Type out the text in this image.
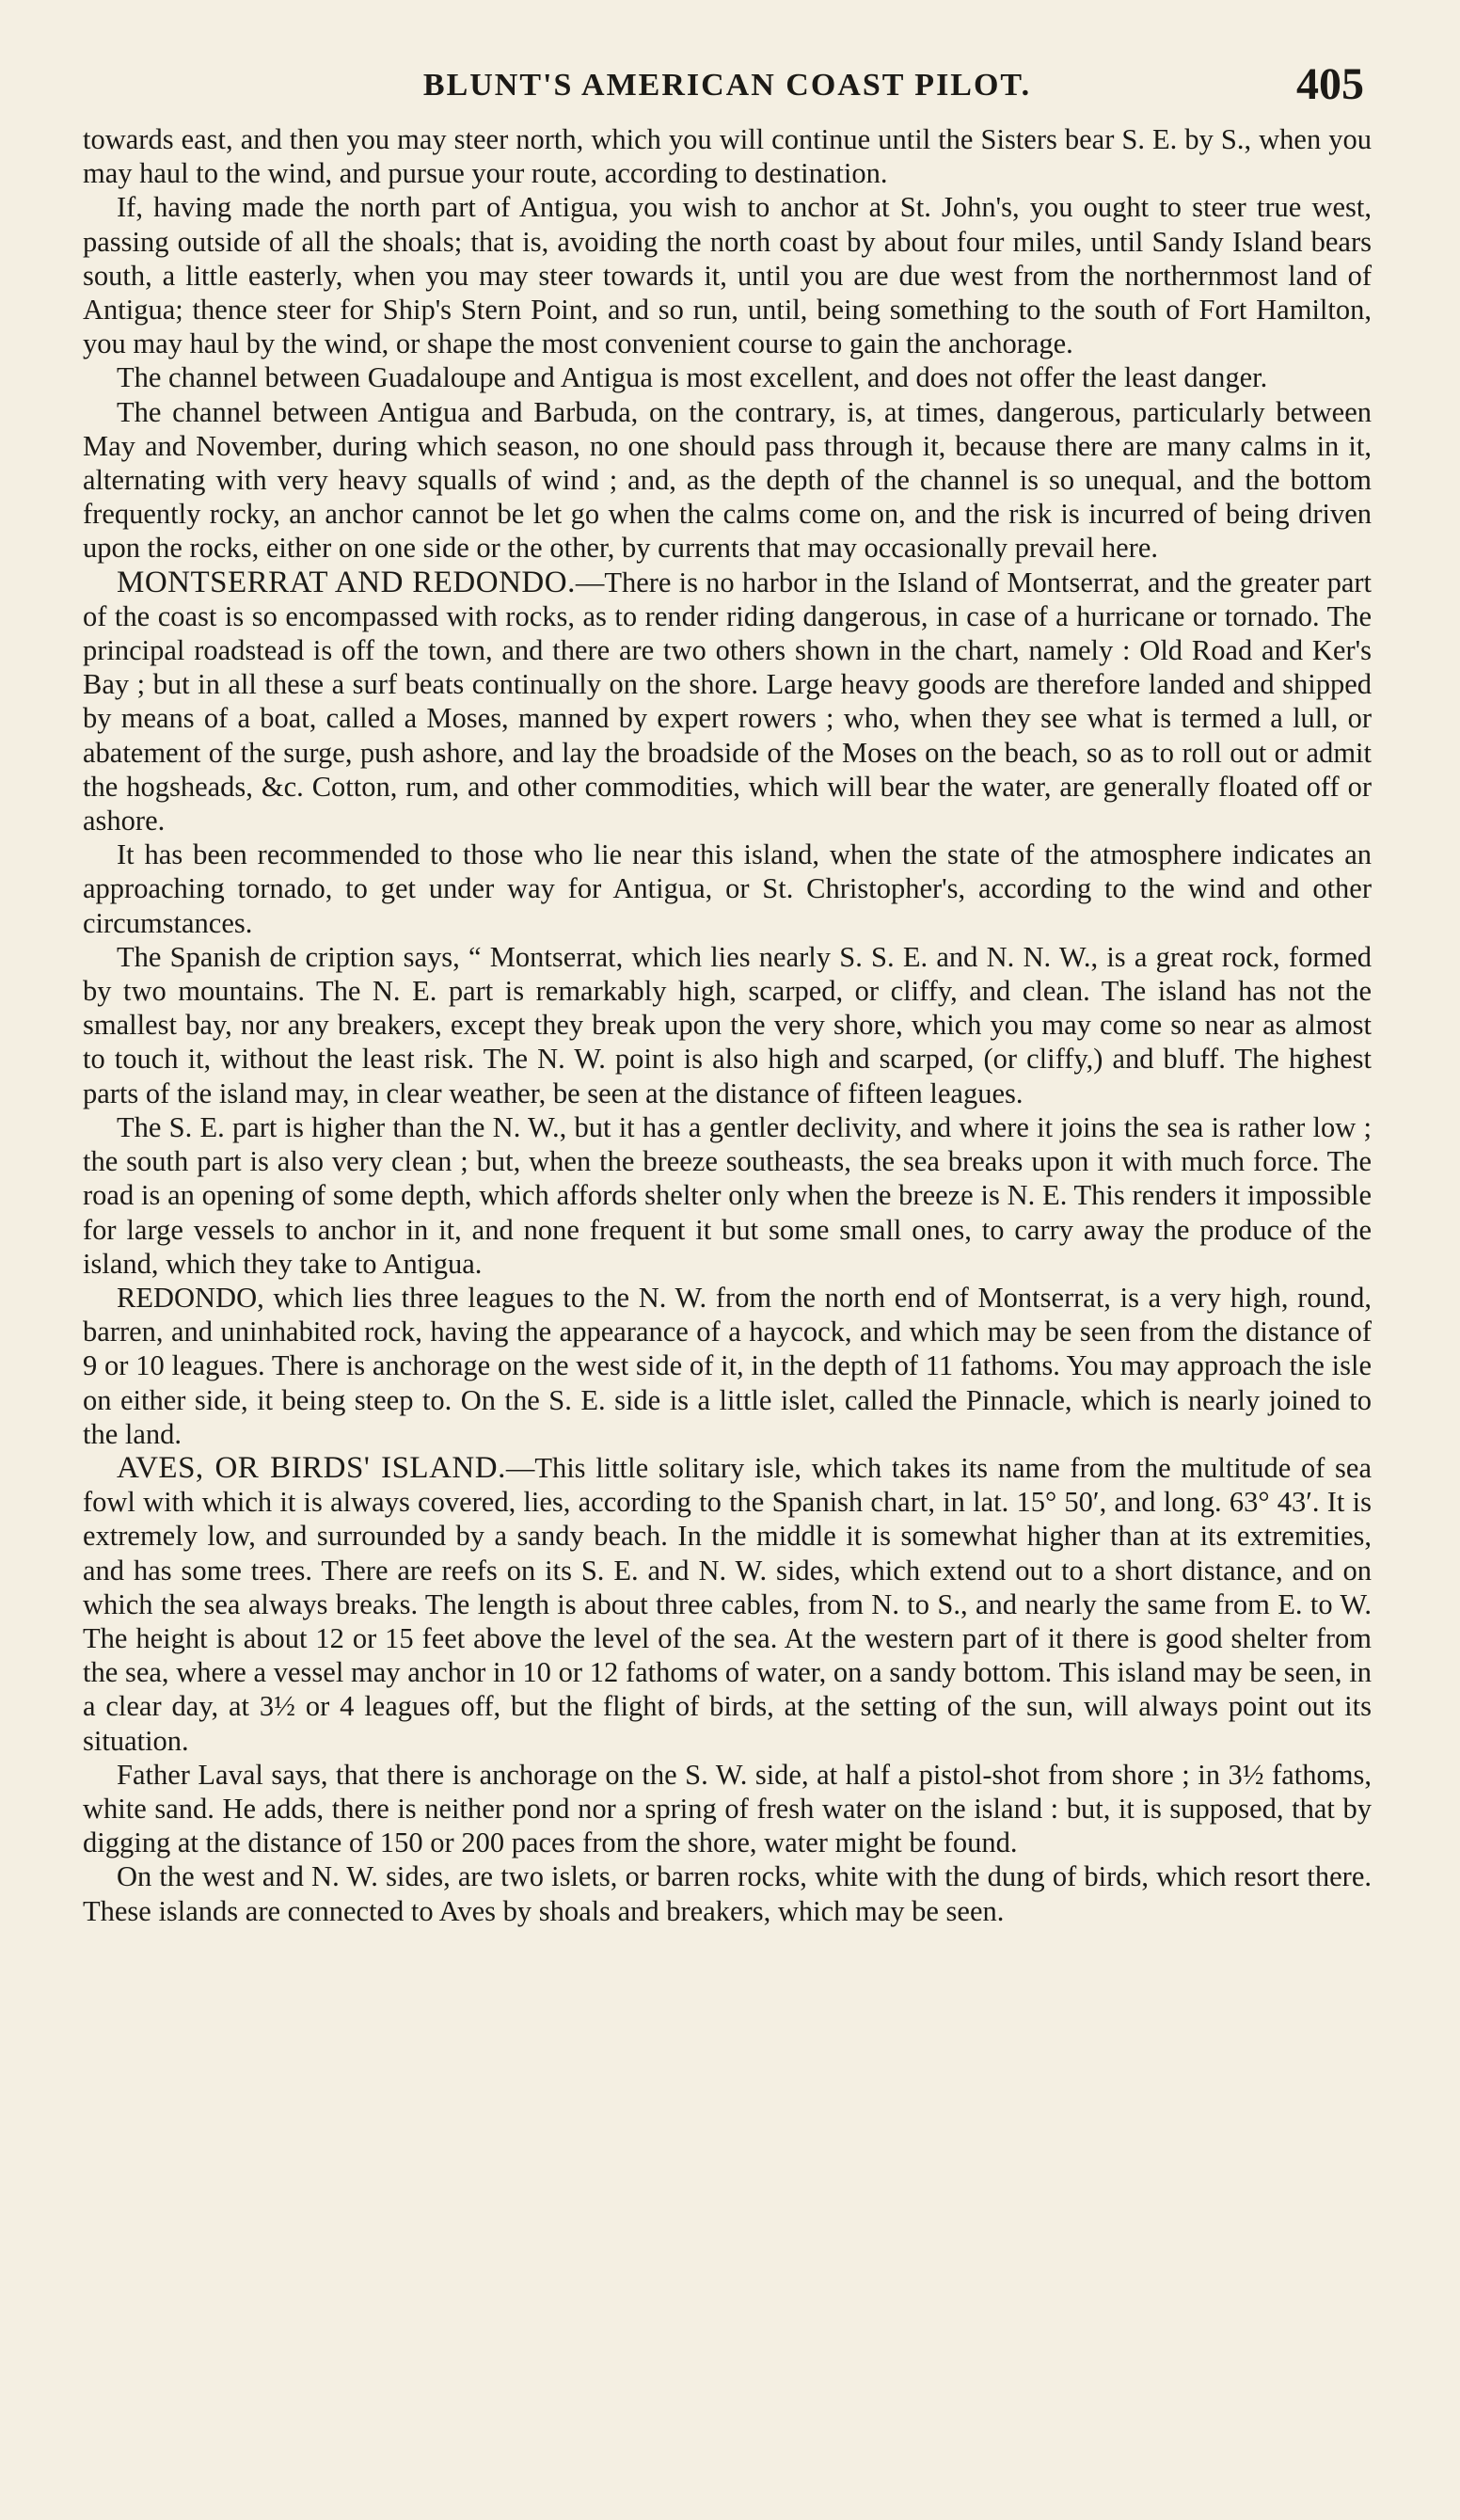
BLUNT'S AMERICAN COAST PILOT.	405

towards east, and then you may steer north, which you will continue until the Sisters bear S. E. by S., when you may haul to the wind, and pursue your route, according to destination.

If, having made the north part of Antigua, you wish to anchor at St. John's, you ought to steer true west, passing outside of all the shoals; that is, avoiding the north coast by about four miles, until Sandy Island bears south, a little easterly, when you may steer towards it, until you are due west from the northernmost land of Antigua; thence steer for Ship's Stern Point, and so run, until, being something to the south of Fort Hamilton, you may haul by the wind, or shape the most convenient course to gain the anchorage.

The channel between Guadaloupe and Antigua is most excellent, and does not offer the least danger.

The channel between Antigua and Barbuda, on the contrary, is, at times, dangerous, particularly between May and November, during which season, no one should pass through it, because there are many calms in it, alternating with very heavy squalls of wind ; and, as the depth of the channel is so unequal, and the bottom frequently rocky, an anchor cannot be let go when the calms come on, and the risk is incurred of being driven upon the rocks, either on one side or the other, by currents that may occasionally prevail here.

MONTSERRAT AND REDONDO.—There is no harbor in the Island of Montserrat, and the greater part of the coast is so encompassed with rocks, as to render riding dangerous, in case of a hurricane or tornado. The principal roadstead is off the town, and there are two others shown in the chart, namely : Old Road and Ker's Bay ; but in all these a surf beats continually on the shore. Large heavy goods are therefore landed and shipped by means of a boat, called a Moses, manned by expert rowers ; who, when they see what is termed a lull, or abatement of the surge, push ashore, and lay the broadside of the Moses on the beach, so as to roll out or admit the hogsheads, &c. Cotton, rum, and other commodities, which will bear the water, are generally floated off or ashore.

It has been recommended to those who lie near this island, when the state of the atmosphere indicates an approaching tornado, to get under way for Antigua, or St. Christopher's, according to the wind and other circumstances.

The Spanish de cription says, “ Montserrat, which lies nearly S. S. E. and N. N. W., is a great rock, formed by two mountains. The N. E. part is remarkably high, scarped, or cliffy, and clean. The island has not the smallest bay, nor any breakers, except they break upon the very shore, which you may come so near as almost to touch it, without the least risk. The N. W. point is also high and scarped, (or cliffy,) and bluff. The highest parts of the island may, in clear weather, be seen at the distance of fifteen leagues.

The S. E. part is higher than the N. W., but it has a gentler declivity, and where it joins the sea is rather low ; the south part is also very clean ; but, when the breeze southeasts, the sea breaks upon it with much force. The road is an opening of some depth, which affords shelter only when the breeze is N. E. This renders it impossible for large vessels to anchor in it, and none frequent it but some small ones, to carry away the produce of the island, which they take to Antigua.

REDONDO, which lies three leagues to the N. W. from the north end of Montserrat, is a very high, round, barren, and uninhabited rock, having the appearance of a haycock, and which may be seen from the distance of 9 or 10 leagues. There is anchorage on the west side of it, in the depth of 11 fathoms. You may approach the isle on either side, it being steep to. On the S. E. side is a little islet, called the Pinnacle, which is nearly joined to the land.

AVES, OR BIRDS' ISLAND.—This little solitary isle, which takes its name from the multitude of sea fowl with which it is always covered, lies, according to the Spanish chart, in lat. 15° 50′, and long. 63° 43′. It is extremely low, and surrounded by a sandy beach. In the middle it is somewhat higher than at its extremities, and has some trees. There are reefs on its S. E. and N. W. sides, which extend out to a short distance, and on which the sea always breaks. The length is about three cables, from N. to S., and nearly the same from E. to W. The height is about 12 or 15 feet above the level of the sea. At the western part of it there is good shelter from the sea, where a vessel may anchor in 10 or 12 fathoms of water, on a sandy bottom. This island may be seen, in a clear day, at 3½ or 4 leagues off, but the flight of birds, at the setting of the sun, will always point out its situation.

Father Laval says, that there is anchorage on the S. W. side, at half a pistol-shot from shore ; in 3½ fathoms, white sand. He adds, there is neither pond nor a spring of fresh water on the island : but, it is supposed, that by digging at the distance of 150 or 200 paces from the shore, water might be found.

On the west and N. W. sides, are two islets, or barren rocks, white with the dung of birds, which resort there. These islands are connected to Aves by shoals and breakers, which may be seen.
